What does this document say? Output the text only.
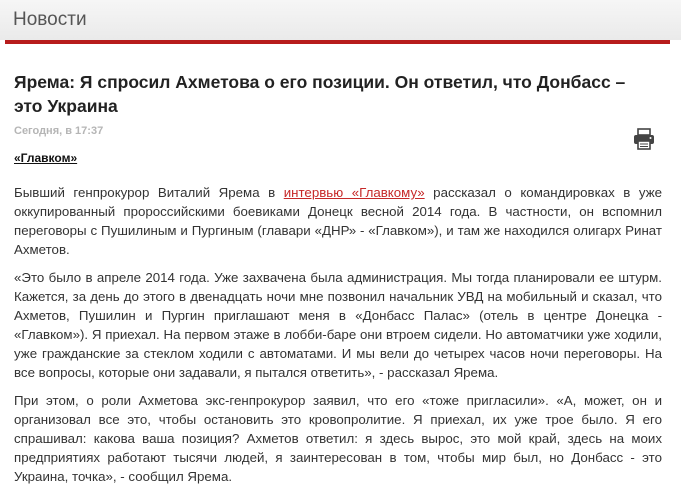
Новости
Ярема: Я спросил Ахметова о его позиции. Он ответил, что Донбасс – это Украина
Сегодня, в 17:37
«Главком»

Бывший генпрокурор Виталий Ярема в интервью «Главкому» рассказал о командировках в уже оккупированный пророссийскими боевиками Донецк весной 2014 года. В частности, он вспомнил переговоры с Пушилиным и Пургиным (главари «ДНР» - «Главком»), и там же находился олигарх Ринат Ахметов.

«Это было в апреле 2014 года. Уже захвачена была администрация. Мы тогда планировали ее штурм. Кажется, за день до этого в двенадцать ночи мне позвонил начальник УВД на мобильный и сказал, что Ахметов, Пушилин и Пургин приглашают меня в «Донбасс Палас» (отель в центре Донецка - «Главком»). Я приехал. На первом этаже в лобби-баре они втроем сидели. Но автоматчики уже ходили, уже гражданские за стеклом ходили с автоматами. И мы вели до четырех часов ночи переговоры. На все вопросы, которые они задавали, я пытался ответить», - рассказал Ярема.

При этом, о роли Ахметова экс-генпрокурор заявил, что его «тоже пригласили». «А, может, он и организовал все это, чтобы остановить это кровопролитие. Я приехал, их уже трое было. Я его спрашивал: какова ваша позиция? Ахметов ответил: я здесь вырос, это мой край, здесь на моих предприятиях работают тысячи людей, я заинтересован в том, чтобы мир был, но Донбасс - это Украина, точка», - сообщил Ярема.
